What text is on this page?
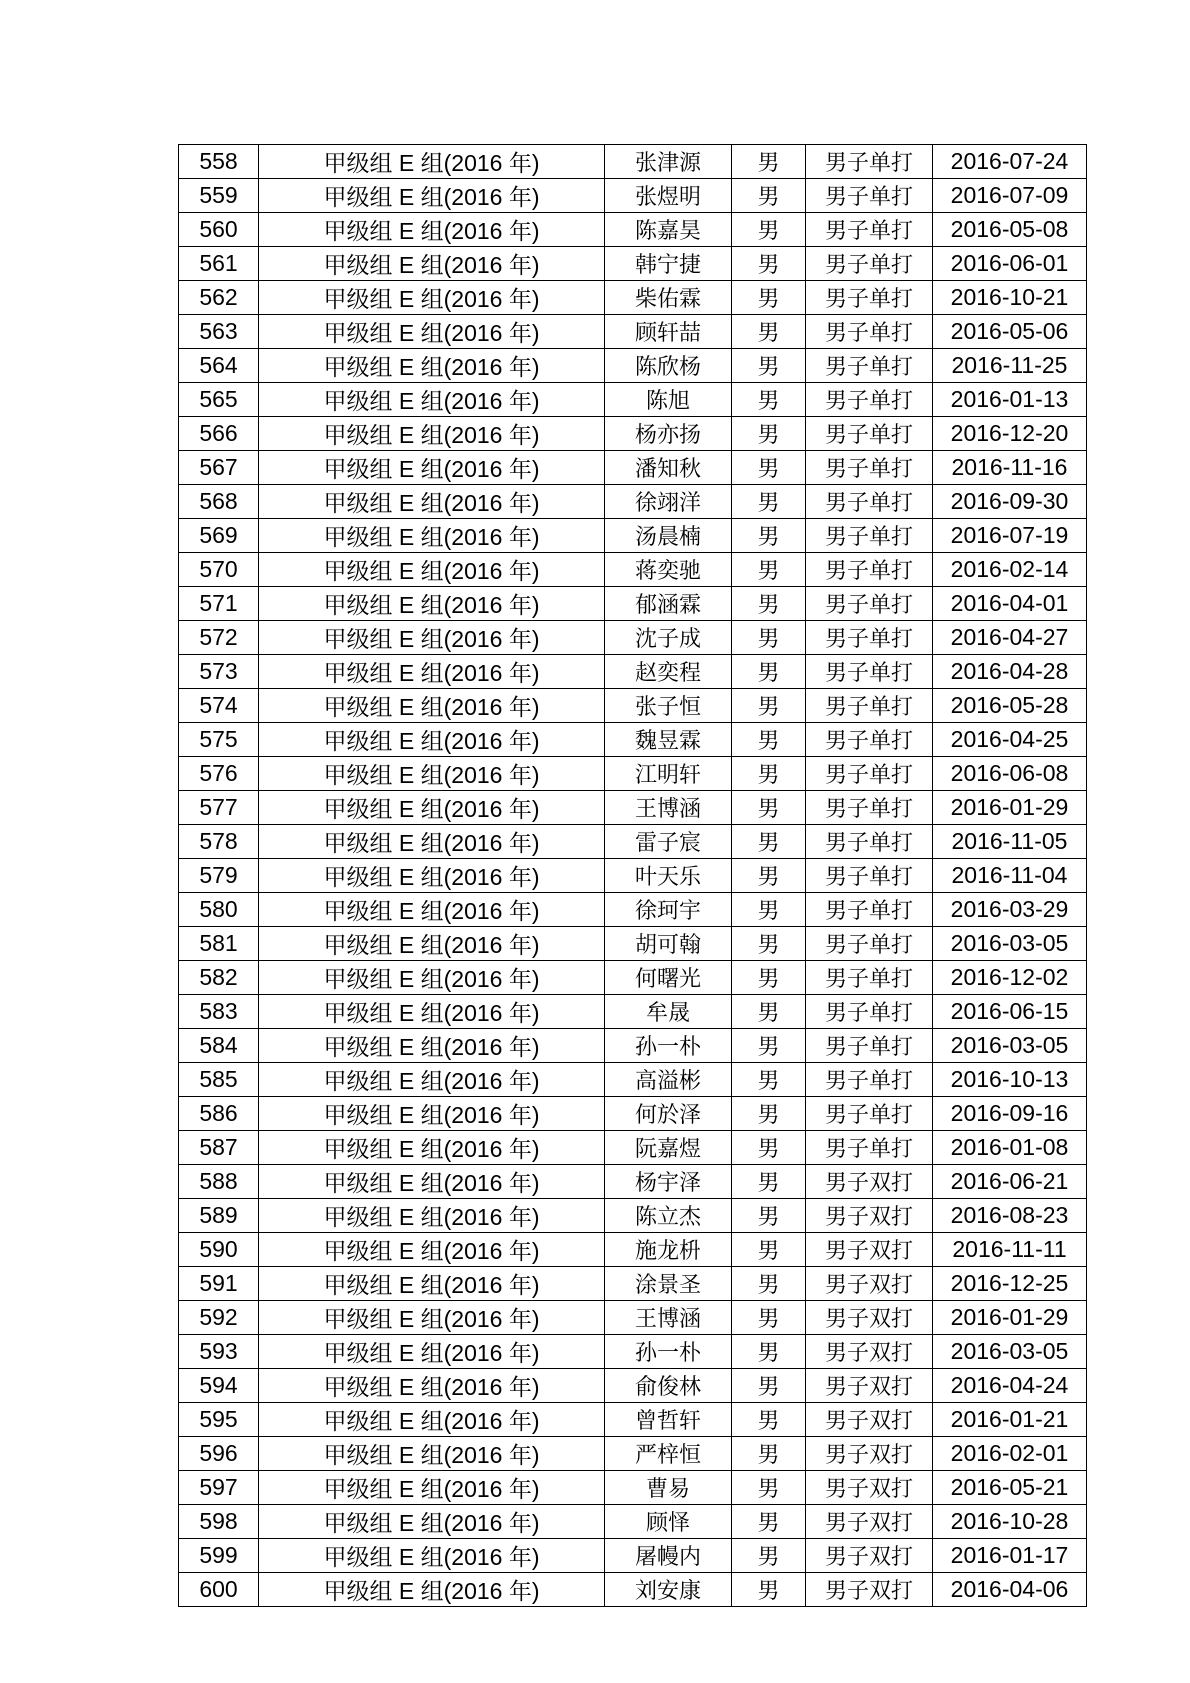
558	甲级组 E 组(2016 年)	张津源	男	男子单打	2016-07-24
559	甲级组 E 组(2016 年)	张煜明	男	男子单打	2016-07-09
560	甲级组 E 组(2016 年)	陈嘉昊	男	男子单打	2016-05-08
561	甲级组 E 组(2016 年)	韩宁捷	男	男子单打	2016-06-01
562	甲级组 E 组(2016 年)	柴佑霖	男	男子单打	2016-10-21
563	甲级组 E 组(2016 年)	顾轩喆	男	男子单打	2016-05-06
564	甲级组 E 组(2016 年)	陈欣杨	男	男子单打	2016-11-25
565	甲级组 E 组(2016 年)	陈旭	男	男子单打	2016-01-13
566	甲级组 E 组(2016 年)	杨亦扬	男	男子单打	2016-12-20
567	甲级组 E 组(2016 年)	潘知秋	男	男子单打	2016-11-16
568	甲级组 E 组(2016 年)	徐翊洋	男	男子单打	2016-09-30
569	甲级组 E 组(2016 年)	汤晨楠	男	男子单打	2016-07-19
570	甲级组 E 组(2016 年)	蒋奕驰	男	男子单打	2016-02-14
571	甲级组 E 组(2016 年)	郁涵霖	男	男子单打	2016-04-01
572	甲级组 E 组(2016 年)	沈子成	男	男子单打	2016-04-27
573	甲级组 E 组(2016 年)	赵奕程	男	男子单打	2016-04-28
574	甲级组 E 组(2016 年)	张子恒	男	男子单打	2016-05-28
575	甲级组 E 组(2016 年)	魏昱霖	男	男子单打	2016-04-25
576	甲级组 E 组(2016 年)	江明轩	男	男子单打	2016-06-08
577	甲级组 E 组(2016 年)	王博涵	男	男子单打	2016-01-29
578	甲级组 E 组(2016 年)	雷子宸	男	男子单打	2016-11-05
579	甲级组 E 组(2016 年)	叶天乐	男	男子单打	2016-11-04
580	甲级组 E 组(2016 年)	徐珂宇	男	男子单打	2016-03-29
581	甲级组 E 组(2016 年)	胡可翰	男	男子单打	2016-03-05
582	甲级组 E 组(2016 年)	何曙光	男	男子单打	2016-12-02
583	甲级组 E 组(2016 年)	牟晟	男	男子单打	2016-06-15
584	甲级组 E 组(2016 年)	孙一朴	男	男子单打	2016-03-05
585	甲级组 E 组(2016 年)	高溢彬	男	男子单打	2016-10-13
586	甲级组 E 组(2016 年)	何於泽	男	男子单打	2016-09-16
587	甲级组 E 组(2016 年)	阮嘉煜	男	男子单打	2016-01-08
588	甲级组 E 组(2016 年)	杨宇泽	男	男子双打	2016-06-21
589	甲级组 E 组(2016 年)	陈立杰	男	男子双打	2016-08-23
590	甲级组 E 组(2016 年)	施龙枡	男	男子双打	2016-11-11
591	甲级组 E 组(2016 年)	涂景圣	男	男子双打	2016-12-25
592	甲级组 E 组(2016 年)	王博涵	男	男子双打	2016-01-29
593	甲级组 E 组(2016 年)	孙一朴	男	男子双打	2016-03-05
594	甲级组 E 组(2016 年)	俞俊林	男	男子双打	2016-04-24
595	甲级组 E 组(2016 年)	曾哲轩	男	男子双打	2016-01-21
596	甲级组 E 组(2016 年)	严梓恒	男	男子双打	2016-02-01
597	甲级组 E 组(2016 年)	曹易	男	男子双打	2016-05-21
598	甲级组 E 组(2016 年)	顾怿	男	男子双打	2016-10-28
599	甲级组 E 组(2016 年)	屠幔内	男	男子双打	2016-01-17
600	甲级组 E 组(2016 年)	刘安康	男	男子双打	2016-04-06
